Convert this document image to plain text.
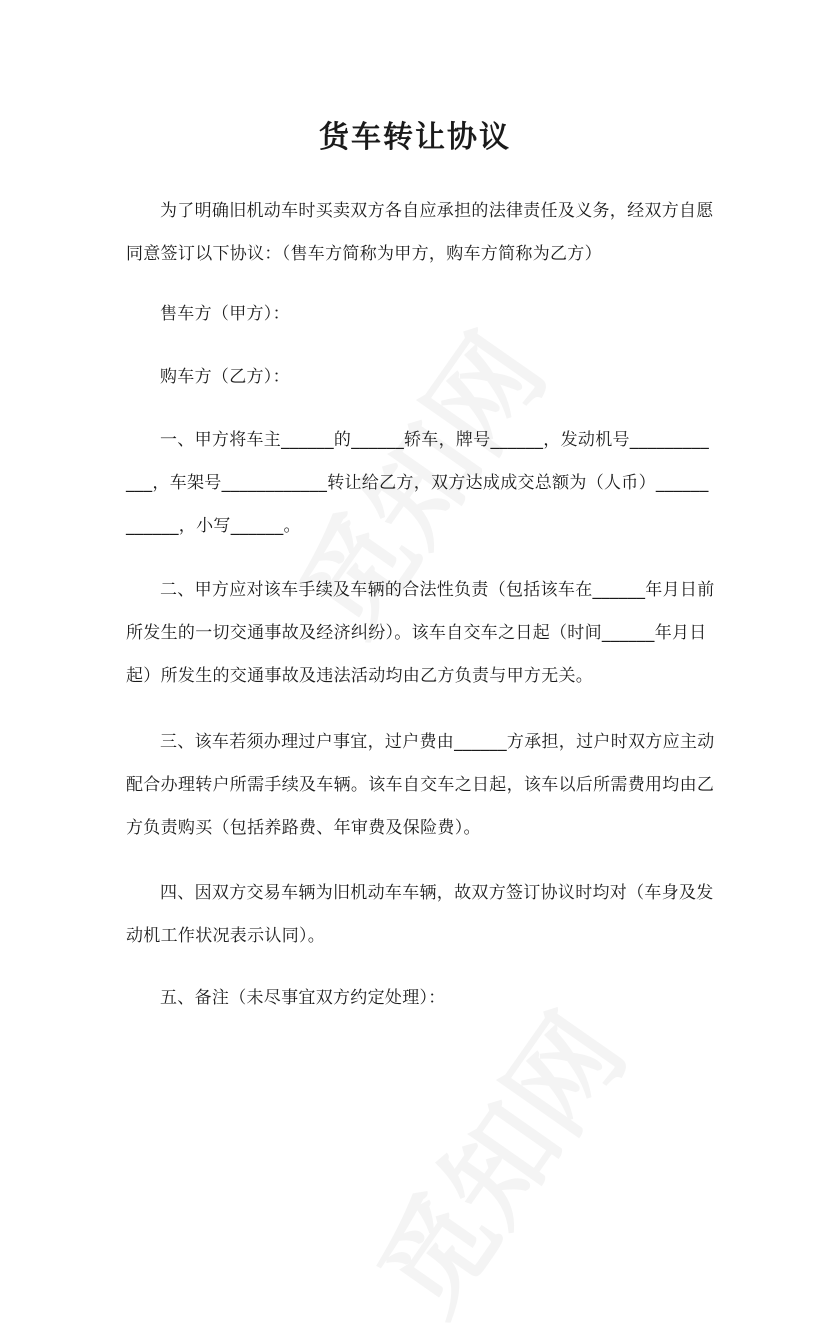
货车转让协议
为了明确旧机动车时买卖双方各自应承担的法律责任及义务，经双方自愿同意签订以下协议：（售车方简称为甲方，购车方简称为乙方）
售车方（甲方）：
购车方（乙方）：
一、甲方将车主______的______轿车，牌号______，发动机号____________，车架号____________转让给乙方，双方达成成交总额为（人币）____________，小写______。
二、甲方应对该车手续及车辆的合法性负责（包括该车在______年月日前所发生的一切交通事故及经济纠纷）。该车自交车之日起（时间______年月日起）所发生的交通事故及违法活动均由乙方负责与甲方无关。
三、该车若须办理过户事宜，过户费由______方承担，过户时双方应主动配合办理转户所需手续及车辆。该车自交车之日起，该车以后所需费用均由乙方负责购买（包括养路费、年审费及保险费）。
四、因双方交易车辆为旧机动车车辆，故双方签订协议时均对（车身及发动机工作状况表示认同）。
五、备注（未尽事宜双方约定处理）：
